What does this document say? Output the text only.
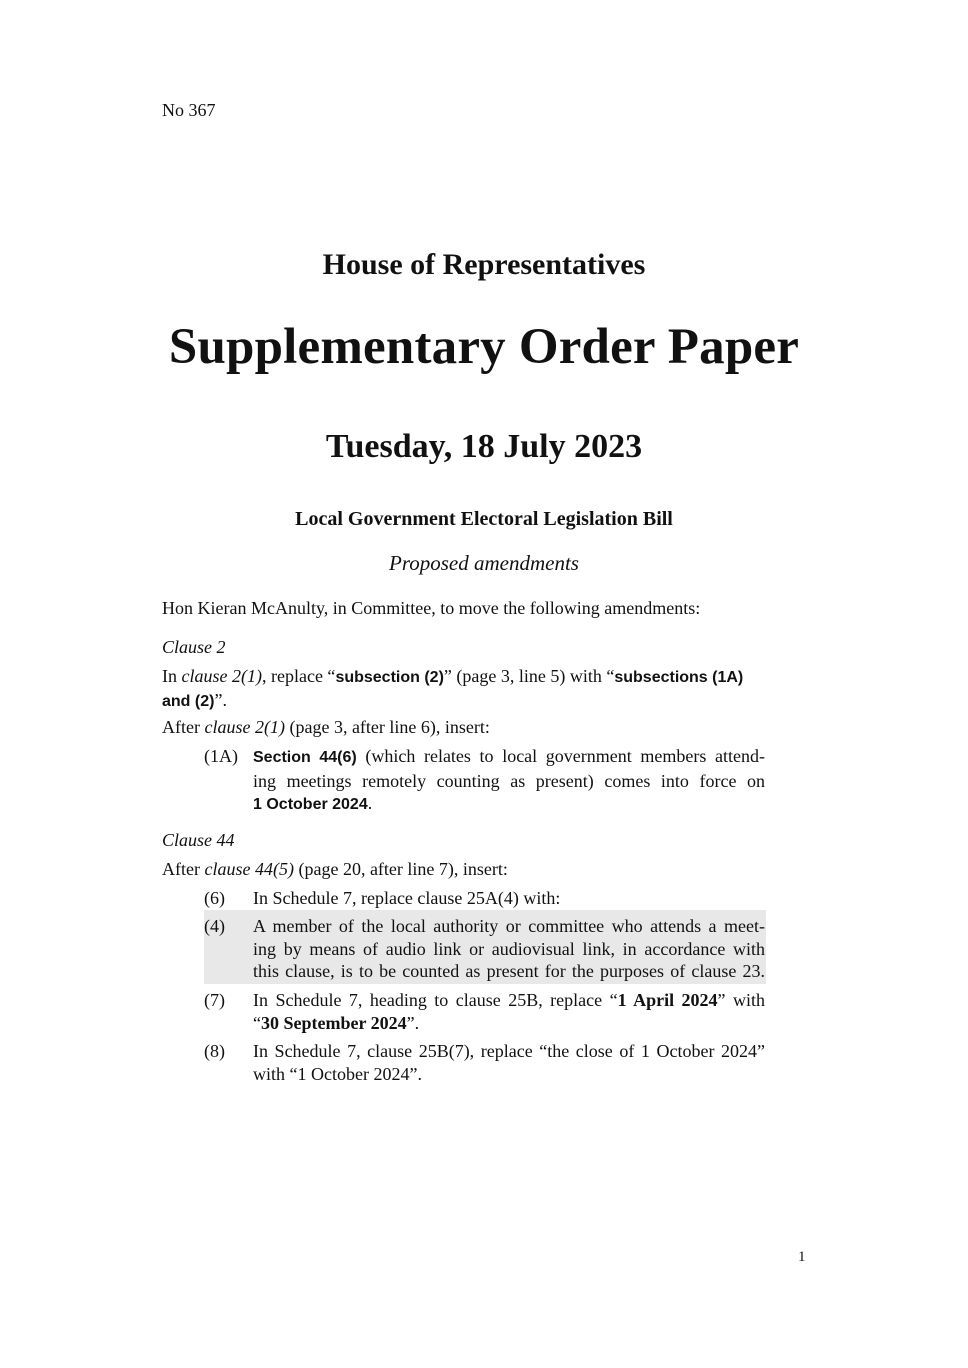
No 367
House of Representatives
Supplementary Order Paper
Tuesday, 18 July 2023
Local Government Electoral Legislation Bill
Proposed amendments
Hon Kieran McAnulty, in Committee, to move the following amendments:
Clause 2
In clause 2(1), replace “subsection (2)” (page 3, line 5) with “subsections (1A)
and (2)”.
After clause 2(1) (page 3, after line 6), insert:
(1A) Section 44(6) (which relates to local government members attend-
ing meetings remotely counting as present) comes into force on
1 October 2024.
Clause 44
After clause 44(5) (page 20, after line 7), insert:
(6) In Schedule 7, replace clause 25A(4) with:
(4) A member of the local authority or committee who attends a meet-
ing by means of audio link or audiovisual link, in accordance with
this clause, is to be counted as present for the purposes of clause 23.
(7) In Schedule 7, heading to clause 25B, replace “1 April 2024” with
“30 September 2024”.
(8) In Schedule 7, clause 25B(7), replace “the close of 1 October 2024”
with “1 October 2024”.
1
